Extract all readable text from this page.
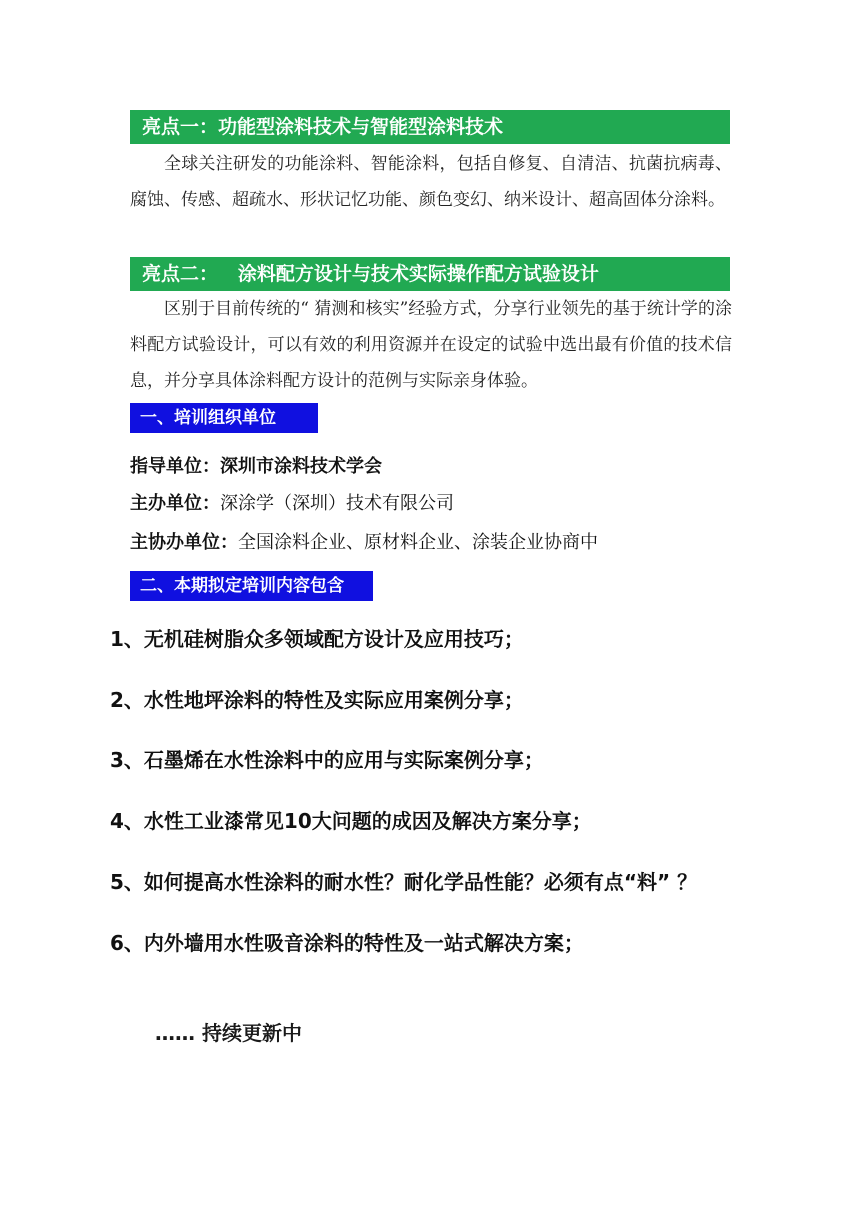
亮点一：功能型涂料技术与智能型涂料技术
全球关注研发的功能涂料、智能涂料，包括自修复、自清洁、抗菌抗病毒、腐蚀、传感、超疏水、形状记忆功能、颜色变幻、纳米设计、超高固体分涂料。
亮点二：   涂料配方设计与技术实际操作配方试验设计
区别于目前传统的“ 猜测和核实”经验方式，分享行业领先的基于统计学的涂料配方试验设计，可以有效的利用资源并在设定的试验中选出最有价值的技术信息，并分享具体涂料配方设计的范例与实际亲身体验。
一、培训组织单位
指导单位：深圳市涂料技术学会
主办单位：深涂学（深圳）技术有限公司
主协办单位：全国涂料企业、原材料企业、涂装企业协商中
二、本期拟定培训内容包含
1、无机硅树脂众多领域配方设计及应用技巧；
2、水性地坪涂料的特性及实际应用案例分享；
3、石墨烯在水性涂料中的应用与实际案例分享；
4、水性工业漆常见10大问题的成因及解决方案分享；
5、如何提高水性涂料的耐水性？耐化学品性能？必须有点“料” ？
6、内外墙用水性吸音涂料的特性及一站式解决方案；
…… 持续更新中
